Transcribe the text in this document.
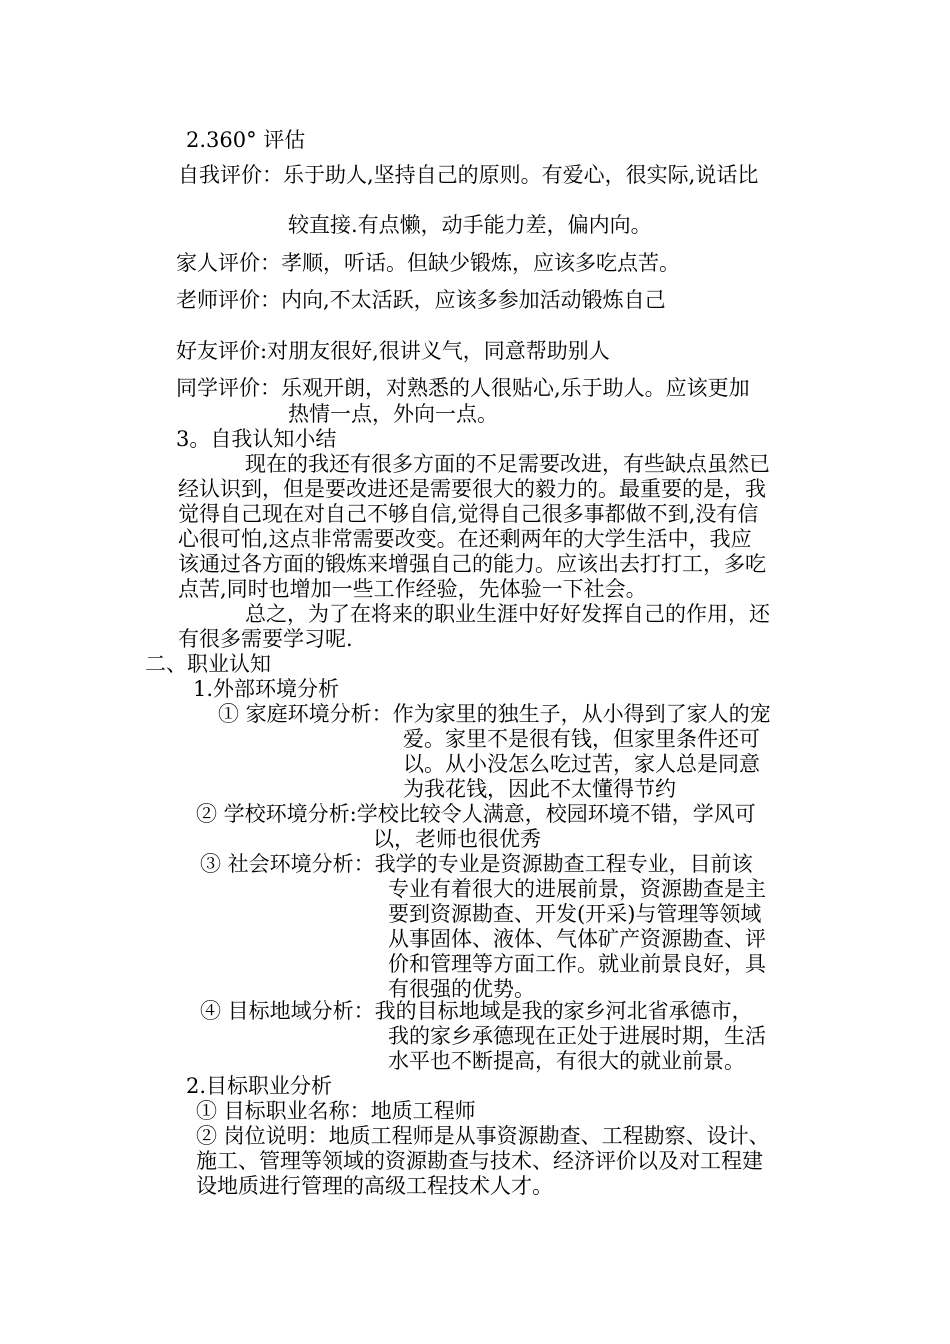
2.360° 评估
自我评价：乐于助人,坚持自己的原则。有爱心，很实际,说话比
较直接.有点懒，动手能力差，偏内向。
家人评价：孝顺，听话。但缺少锻炼，应该多吃点苦。
老师评价：内向,不太活跃，应该多参加活动锻炼自己
好友评价:对朋友很好,很讲义气，同意帮助别人
同学评价：乐观开朗，对熟悉的人很贴心,乐于助人。应该更加
热情一点，外向一点。
3。自我认知小结
现在的我还有很多方面的不足需要改进，有些缺点虽然已
经认识到，但是要改进还是需要很大的毅力的。最重要的是，我
觉得自己现在对自己不够自信,觉得自己很多事都做不到,没有信
心很可怕,这点非常需要改变。在还剩两年的大学生活中，我应
该通过各方面的锻炼来增强自己的能力。应该出去打打工，多吃
点苦,同时也增加一些工作经验，先体验一下社会。
总之，为了在将来的职业生涯中好好发挥自己的作用，还
有很多需要学习呢.
二、职业认知
1.外部环境分析
① 家庭环境分析：作为家里的独生子，从小得到了家人的宠
爱。家里不是很有钱，但家里条件还可
以。从小没怎么吃过苦，家人总是同意
为我花钱，因此不太懂得节约
② 学校环境分析:学校比较令人满意，校园环境不错，学风可
以，老师也很优秀
③ 社会环境分析：我学的专业是资源勘查工程专业，目前该
专业有着很大的进展前景，资源勘查是主
要到资源勘查、开发(开采)与管理等领域
从事固体、液体、气体矿产资源勘查、评
价和管理等方面工作。就业前景良好，具
有很强的优势。
④ 目标地域分析：我的目标地域是我的家乡河北省承德市，
我的家乡承德现在正处于进展时期，生活
水平也不断提高，有很大的就业前景。
2.目标职业分析
① 目标职业名称：地质工程师
② 岗位说明：地质工程师是从事资源勘查、工程勘察、设计、
施工、管理等领域的资源勘查与技术、经济评价以及对工程建
设地质进行管理的高级工程技术人才。
